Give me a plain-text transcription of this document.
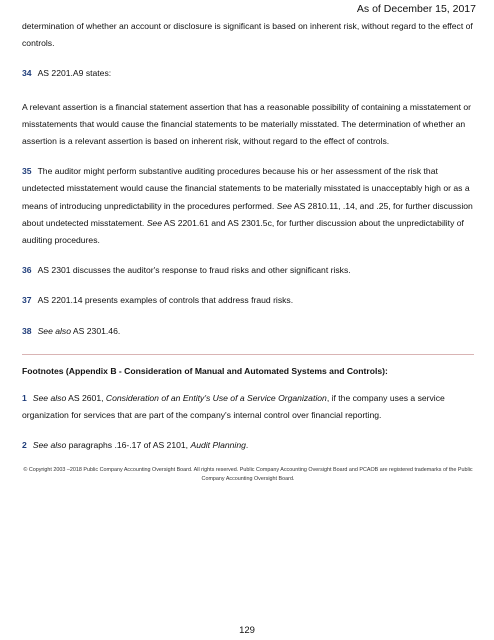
As of December 15, 2017

determination of whether an account or disclosure is significant is based on inherent risk, without regard to the effect of controls.

34 AS 2201.A9 states:

A relevant assertion is a financial statement assertion that has a reasonable possibility of containing a misstatement or misstatements that would cause the financial statements to be materially misstated. The determination of whether an assertion is a relevant assertion is based on inherent risk, without regard to the effect of controls.

35 The auditor might perform substantive auditing procedures because his or her assessment of the risk that undetected misstatement would cause the financial statements to be materially misstated is unacceptably high or as a means of introducing unpredictability in the procedures performed. See AS 2810.11, .14, and .25, for further discussion about undetected misstatement. See AS 2201.61 and AS 2301.5c, for further discussion about the unpredictability of auditing procedures.

36 AS 2301 discusses the auditor's response to fraud risks and other significant risks.

37 AS 2201.14 presents examples of controls that address fraud risks.

38 See also AS 2301.46.

Footnotes (Appendix B - Consideration of Manual and Automated Systems and Controls):

1 See also AS 2601, Consideration of an Entity's Use of a Service Organization, if the company uses a service organization for services that are part of the company's internal control over financial reporting.

2 See also paragraphs .16-.17 of AS 2101, Audit Planning.

© Copyright 2003 –2018 Public Company Accounting Oversight Board. All rights reserved. Public Company Accounting Oversight Board and PCAOB are registered trademarks of the Public Company Accounting Oversight Board.
129
